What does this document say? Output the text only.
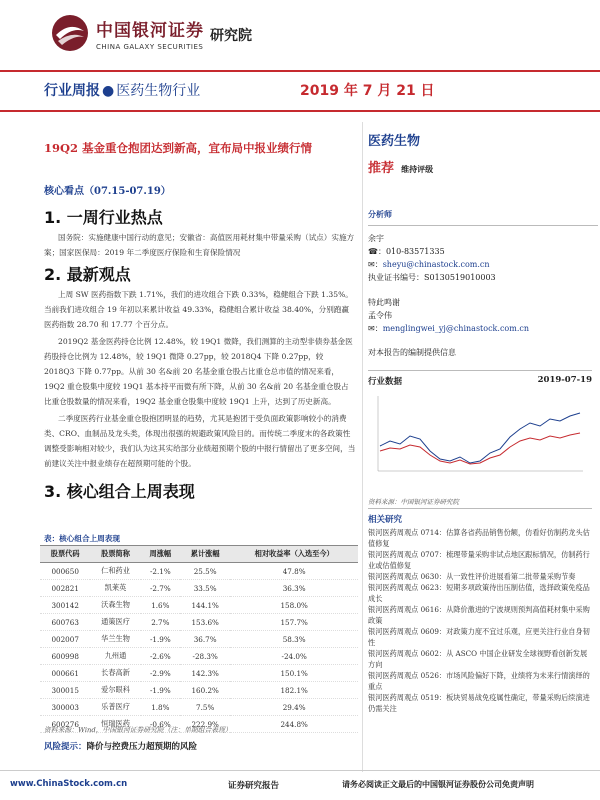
中国银河证券
CHINA GALAXY SECURITIES
研究院
行业周报 ● 医药生物行业	2019 年 7 月 21 日
19Q2 基金重仓抱团达到新高，宜布局中报业绩行情
核心看点（07.15-07.19）
1. 一周行业热点
国务院：实施健康中国行动的意见；安徽省：高值医用耗材集中带量采购（试点）实施方案；国家医保局：2019 年二季度医疗保险和生育保险情况
2. 最新观点
上周 SW 医药指数下跌 1.71%，我们的进攻组合下跌 0.33%，稳健组合下跌 1.35%。当前我们进攻组合 19 年初以来累计收益 49.33%，稳健组合累计收益 38.40%，分别跑赢医药指数 28.70 和 17.77 个百分点。
2019Q2 基金医药持仓比例 12.48%，较 19Q1 微降，我们测算的主动型非债券基金医药股持仓比例为 12.48%，较 19Q1 微降 0.27pp，较 2018Q4 下降 0.27pp，较 2018Q3 下降 0.77pp。从前 30 名&前 20 名基金重仓股占比重仓总市值的情况来看，19Q2 重仓股集中度较 19Q1 基本持平而微有所下降，从前 30 名&前 20 名基金重仓股占比重仓股数量的情况来看，19Q2 基金重仓股集中度较 19Q1 上升，达到了历史新高。
二季度医药行业基金重仓股抱团明显的趋势，尤其是抱团于受负面政策影响较小的消费类、CRO、血制品及龙头类，体现出很强的规避政策风险目的。而传统二季度末的各政策性调整受影响相对较少，我们认为这其实给部分业绩超预期个股的中报行情留出了更多空间，当前建议关注中报业绩存在超预期可能的个股。
3. 核心组合上周表现
表：核心组合上周表现
股票代码	股票简称	周涨幅	累计涨幅	相对收益率（入选至今）
000650	仁和药业	-2.1%	25.5%	47.8%
002821	凯莱英	-2.7%	33.5%	36.3%
300142	沃森生物	1.6%	144.1%	158.0%
600763	通策医疗	2.7%	153.6%	157.7%
002007	华兰生物	-1.9%	36.7%	58.3%
600998	九州通	-2.6%	-28.3%	-24.0%
000661	长春高新	-2.9%	142.3%	150.1%
300015	爱尔眼科	-1.9%	160.2%	182.1%
300003	乐普医疗	1.8%	7.5%	29.4%
600276	恒瑞医药	-0.6%	222.9%	244.8%
资料来源：Wind，中国银河证券研究院（注：单期组合表现）
风险提示：降价与控费压力超预期的风险
医药生物
推荐 维持评级
分析师
余宇
☎：010-83571335
✉：sheyu@chinastock.com.cn
执业证书编号：S0130519010003
特此鸣谢
孟令伟
✉：menglingwei_yj@chinastock.com.cn
对本报告的编制提供信息
行业数据	2019-07-19
资料来源：中国银河证券研究院
相关研究
银河医药周观点 0714：估算各省药品销售份额，仿看好仿制药龙头估值修复
银河医药周观点 0707：梳理带量采购非试点地区跟标情况，仿制药行业或估值修复
银河医药周观点 0630：从一致性评价进展看第二批带量采购节奏
银河医药周观点 0623：短期多项政策待出压制估值，选择政策免疫品成长
银河医药周观点 0616：从降价激进的宁波规则预判高值耗材集中采购政策
银河医药周观点 0609：对政策力度不宜过乐观，应更关注行业自身韧性
银河医药周观点 0602：从 ASCO 中国企业研发全球视野看创新发展方向
银河医药周观点 0526：市场风险偏好下降，业绩将为未来行情演绎的重点
银河医药周观点 0519：板块贸易战免疫属性确定，带量采购后续演进仍需关注
www.ChinaStock.com.cn	证券研究报告	请务必阅读正文最后的中国银河证券股份公司免责声明
